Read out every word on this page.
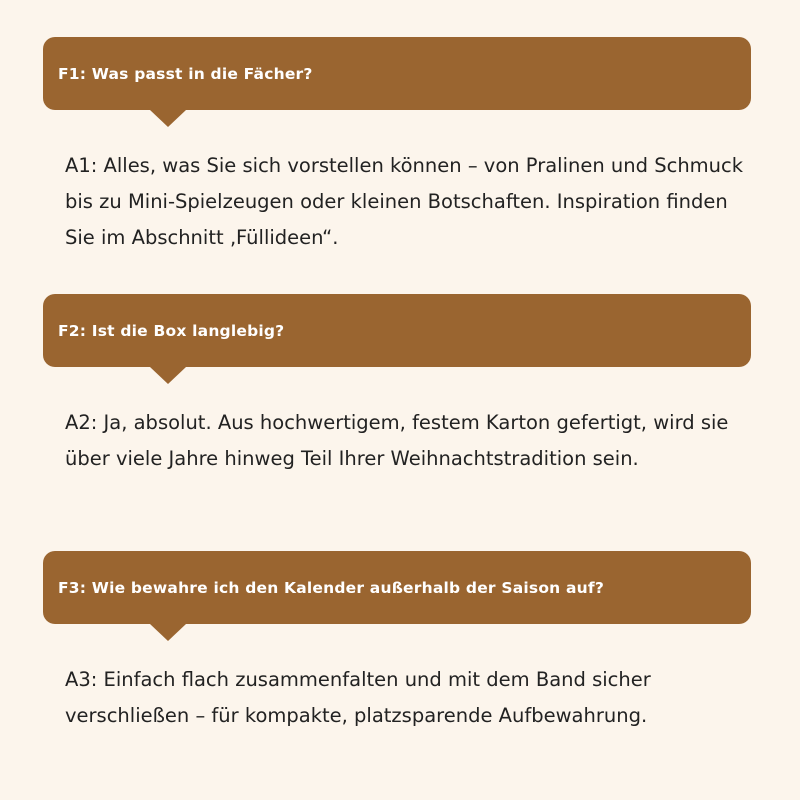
F1: Was passt in die Fächer?

A1: Alles, was Sie sich vorstellen können – von Pralinen und Schmuck bis zu Mini-Spielzeugen oder kleinen Botschaften. Inspiration finden Sie im Abschnitt ‚Füllideen“.

F2: Ist die Box langlebig?

A2: Ja, absolut. Aus hochwertigem, festem Karton gefertigt, wird sie über viele Jahre hinweg Teil Ihrer Weihnachtstradition sein.

F3: Wie bewahre ich den Kalender außerhalb der Saison auf?

A3: Einfach flach zusammenfalten und mit dem Band sicher verschließen – für kompakte, platzsparende Aufbewahrung.
